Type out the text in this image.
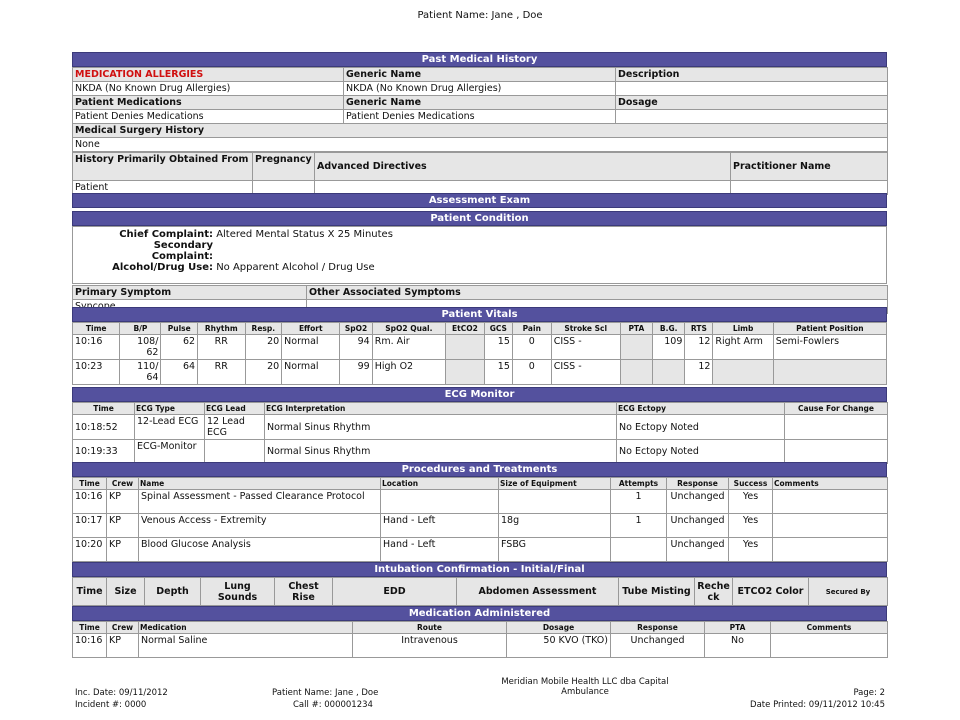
Patient Name: Jane , Doe
Past Medical History
MEDICATION ALLERGIES	Generic Name	Description
NKDA (No Known Drug Allergies)	NKDA (No Known Drug Allergies)	
Patient Medications	Generic Name	Dosage
Patient Denies Medications	Patient Denies Medications	
Medical Surgery History		
None		
History Primarily Obtained From	Pregnancy	Advanced Directives	Practitioner Name
Patient			
Assessment Exam
Patient Condition
Chief Complaint: Altered Mental Status X 25 Minutes
Secondary
Complaint:
Alcohol/Drug Use: No Apparent Alcohol / Drug Use
Primary Symptom	Other Associated Symptoms

Patient Vitals
Time	B/P	Pulse	Rhythm	Resp.	Effort	SpO2	SpO2 Qual.	EtCO2	GCS	Pain	Stroke Scl	PTA	B.G.	RTS	Limb	Patient Position
10:16	108/ 62	62	RR	20	Normal	94	Rm. Air		15	0	CISS -		109	12	Right Arm	Semi-Fowlers
10:23	110/ 64	64	RR	20	Normal	99	High O2		15	0	CISS -			12		
ECG Monitor
Time	ECG Type	ECG Lead	ECG Interpretation	ECG Ectopy	Cause For Change
10:18:52	12-Lead ECG	12 Lead ECG	Normal Sinus Rhythm	No Ectopy Noted	
10:19:33	ECG-Monitor		Normal Sinus Rhythm	No Ectopy Noted	
Procedures and Treatments
Time	Crew	Name	Location	Size of Equipment	Attempts	Response	Success	Comments
10:16	KP	Spinal Assessment - Passed Clearance Protocol			1	Unchanged	Yes	
10:17	KP	Venous Access - Extremity	Hand - Left	18g	1	Unchanged	Yes	
10:20	KP	Blood Glucose Analysis	Hand - Left	FSBG		Unchanged	Yes	
Intubation Confirmation - Initial/Final
Time	Size	Depth	Lung Sounds	Chest Rise	EDD	Abdomen Assessment	Tube Misting	Recheck	ETCO2 Color	Secured By
Medication Administered
Time	Crew	Medication	Route	Dosage	Response	PTA	Comments
10:16	KP	Normal Saline	Intravenous	50 KVO (TKO)	Unchanged	No	
Meridian Mobile Health LLC dba Capital
Ambulance
Inc. Date: 09/11/2012	Patient Name: Jane , Doe	Page: 2
Incident #: 0000	Call #: 000001234	Date Printed: 09/11/2012 10:45
